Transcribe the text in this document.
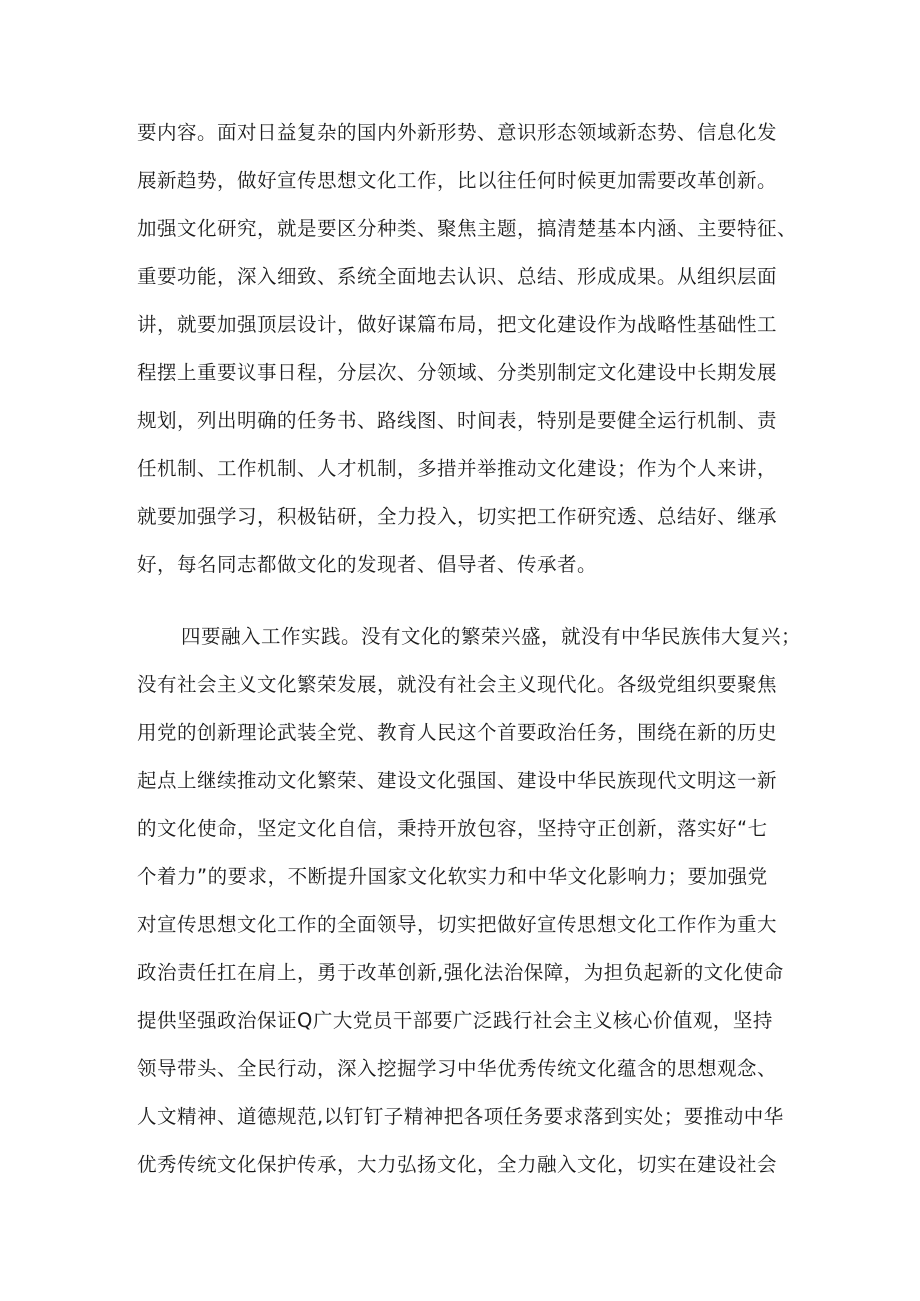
要内容。面对日益复杂的国内外新形势、意识形态领域新态势、信息化发
展新趋势，做好宣传思想文化工作，比以往任何时候更加需要改革创新。
加强文化研究，就是要区分种类、聚焦主题，搞清楚基本内涵、主要特征、
重要功能，深入细致、系统全面地去认识、总结、形成成果。从组织层面
讲，就要加强顶层设计，做好谋篇布局，把文化建设作为战略性基础性工
程摆上重要议事日程，分层次、分领域、分类别制定文化建设中长期发展
规划，列出明确的任务书、路线图、时间表，特别是要健全运行机制、责
任机制、工作机制、人才机制，多措并举推动文化建设；作为个人来讲，
就要加强学习，积极钻研，全力投入，切实把工作研究透、总结好、继承
好，每名同志都做文化的发现者、倡导者、传承者。
四要融入工作实践。没有文化的繁荣兴盛，就没有中华民族伟大复兴；
没有社会主义文化繁荣发展，就没有社会主义现代化。各级党组织要聚焦
用党的创新理论武装全党、教育人民这个首要政治任务，围绕在新的历史
起点上继续推动文化繁荣、建设文化强国、建设中华民族现代文明这一新
的文化使命，坚定文化自信，秉持开放包容，坚持守正创新，落实好“七
个着力”的要求，不断提升国家文化软实力和中华文化影响力；要加强党
对宣传思想文化工作的全面领导，切实把做好宣传思想文化工作作为重大
政治责任扛在肩上，勇于改革创新,强化法治保障，为担负起新的文化使命
提供坚强政治保证Q广大党员干部要广泛践行社会主义核心价值观，坚持
领导带头、全民行动，深入挖掘学习中华优秀传统文化蕴含的思想观念、
人文精神、道德规范,以钉钉子精神把各项任务要求落到实处；要推动中华
优秀传统文化保护传承，大力弘扬文化，全力融入文化，切实在建设社会
